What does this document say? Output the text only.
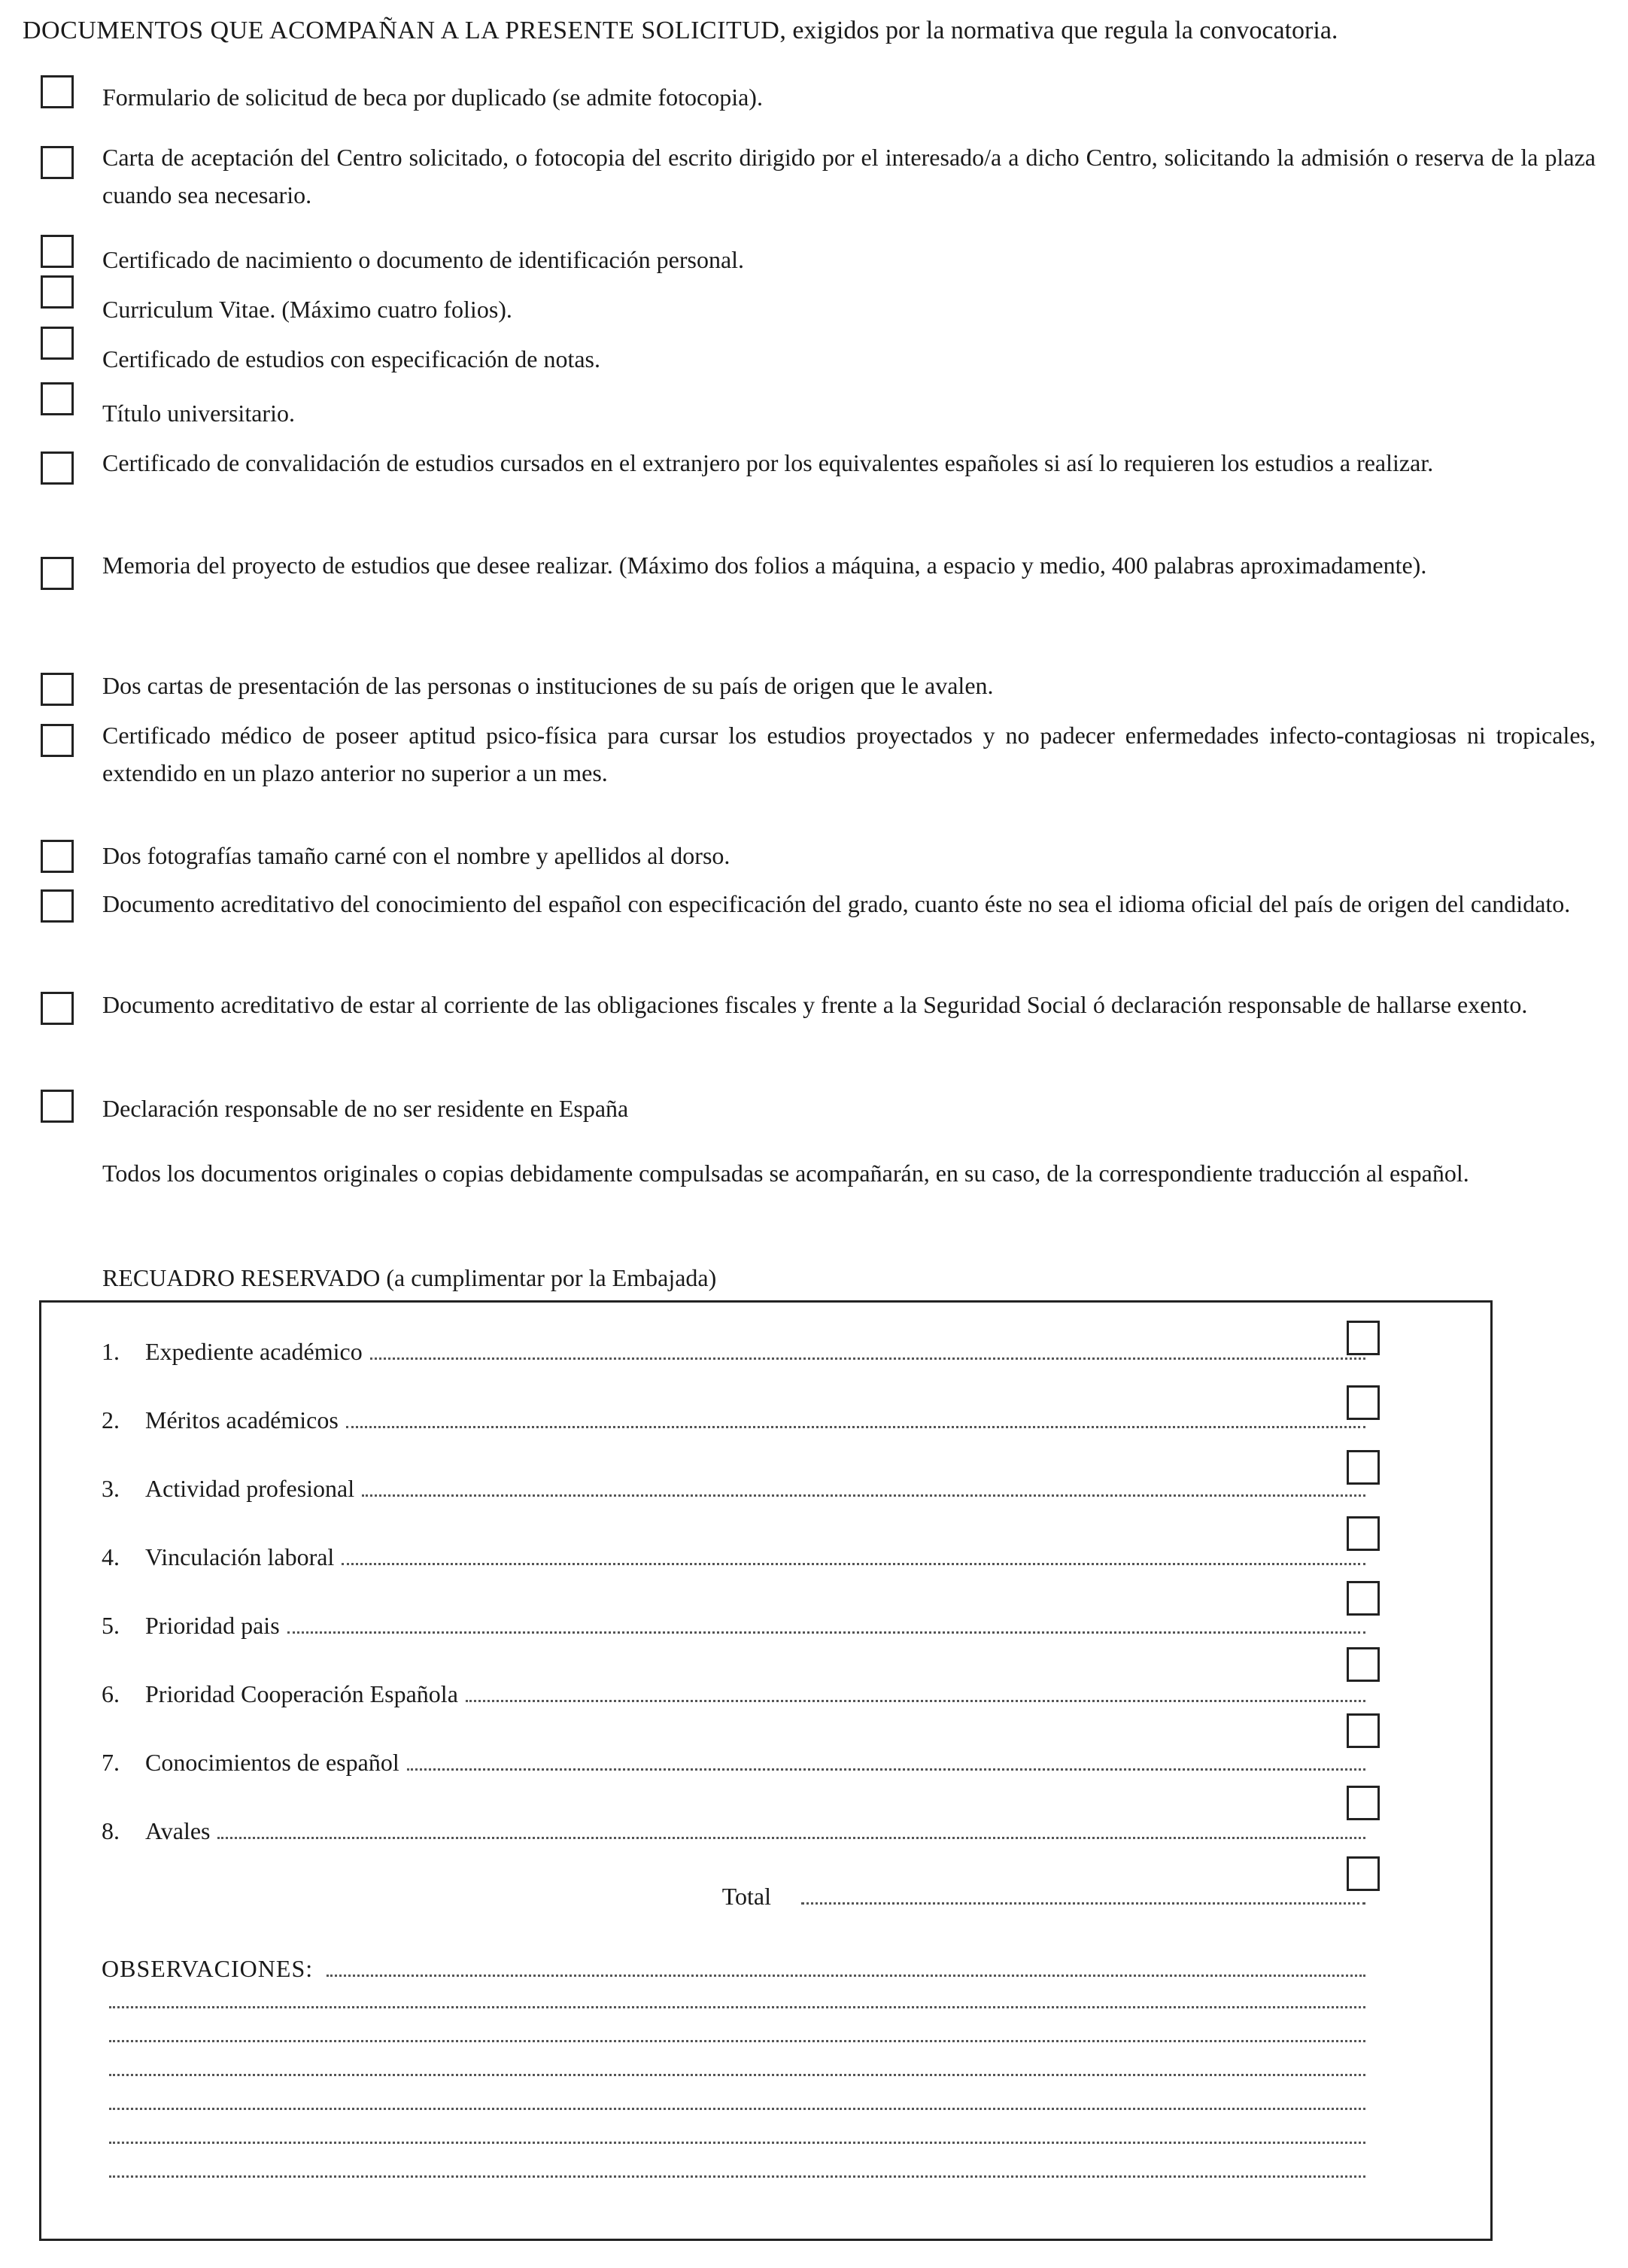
DOCUMENTOS QUE ACOMPAÑAN A LA PRESENTE SOLICITUD, exigidos por la normativa que regula la convocatoria.
Formulario de solicitud de beca por duplicado (se admite fotocopia).
Carta de aceptación del Centro solicitado, o fotocopia del escrito dirigido por el interesado/a a dicho Centro, solicitando la admisión o reserva de la plaza cuando sea necesario.
Certificado de nacimiento o documento de identificación personal.
Curriculum Vitae. (Máximo cuatro folios).
Certificado de estudios con especificación de notas.
Título universitario.
Certificado de convalidación de estudios cursados en el extranjero por los equivalentes españoles si así lo requieren los estudios a realizar.
Memoria del proyecto de estudios que desee realizar. (Máximo dos folios a máquina, a espacio y medio, 400 palabras aproximadamente).
Dos cartas de presentación de las personas o instituciones de su país de origen que le avalen.
Certificado médico de poseer aptitud psico-física para cursar los estudios proyectados y no padecer enfermedades infecto-contagiosas ni tropicales, extendido en un plazo anterior no superior a un mes.
Dos fotografías tamaño carné con el nombre y apellidos al dorso.
Documento acreditativo del conocimiento del español con especificación del grado, cuanto éste no sea el idioma oficial del país de origen del candidato.
Documento acreditativo de estar al corriente de las obligaciones fiscales y frente a la Seguridad Social ó declaración responsable de hallarse exento.
Declaración responsable de no ser residente en España
Todos los documentos originales o copias debidamente compulsadas se acompañarán, en su caso, de la correspondiente traducción al español.
RECUADRO RESERVADO (a cumplimentar por la Embajada)
1.	Expediente académico
2.	Méritos académicos
3.	Actividad profesional
4.	Vinculación laboral
5.	Prioridad pais
6.	Prioridad Cooperación Española
7.	Conocimientos de español
8.	Avales
Total
OBSERVACIONES:
